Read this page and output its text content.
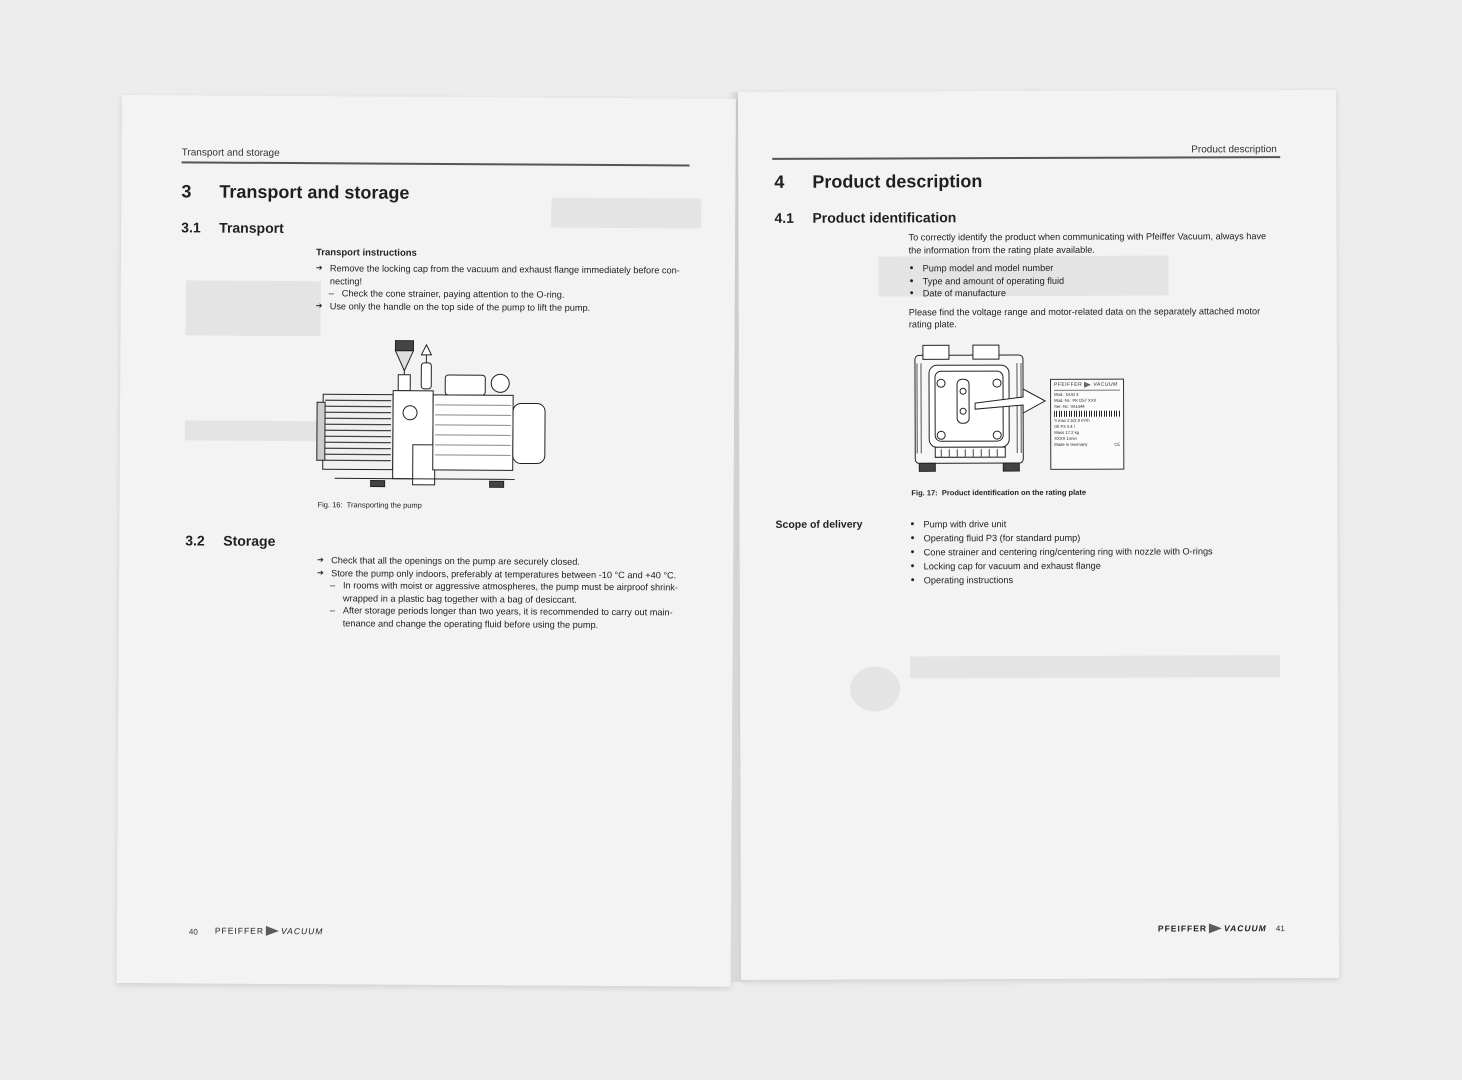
Transport and storage
3 Transport and storage
3.1 Transport
Transport instructions
➔ Remove the locking cap from the vacuum and exhaust flange immediately before con-necting!
– Check the cone strainer, paying attention to the O-ring.
➔ Use only the handle on the top side of the pump to lift the pump.
Fig. 16: Transporting the pump
3.2 Storage
➔ Check that all the openings on the pump are securely closed.
➔ Store the pump only indoors, preferably at temperatures between -10 °C and +40 °C.
– In rooms with moist or aggressive atmospheres, the pump must be airproof shrink-wrapped in a plastic bag together with a bag of desiccant.
– After storage periods longer than two years, it is recommended to carry out main-tenance and change the operating fluid before using the pump.
40 PFEIFFER VACUUM
Product description
4 Product description
4.1 Product identification
To correctly identify the product when communicating with Pfeiffer Vacuum, always have the information from the rating plate available.
• Pump model and model number
• Type and amount of operating fluid
• Date of manufacture
Please find the voltage range and motor-related data on the separately attached motor rating plate.
PFEIFFER VACUUM
Mod.: DUO 3
Mod.-Nr.: PK D57 XXX
Ser.-Nr.: 001444
S max 2.5/2.9 m³/h
Oil P3 0.4 l
Mass 17.2 kg
XXXX 1/min
Made in Germany	CE
Fig. 17: Product identification on the rating plate
Scope of delivery
•	Pump with drive unit
• Operating fluid P3 (for standard pump)
• Cone strainer and centering ring/centering ring with nozzle with O-rings
• Locking cap for vacuum and exhaust flange
• Operating instructions
PFEIFFER VACUUM 41
